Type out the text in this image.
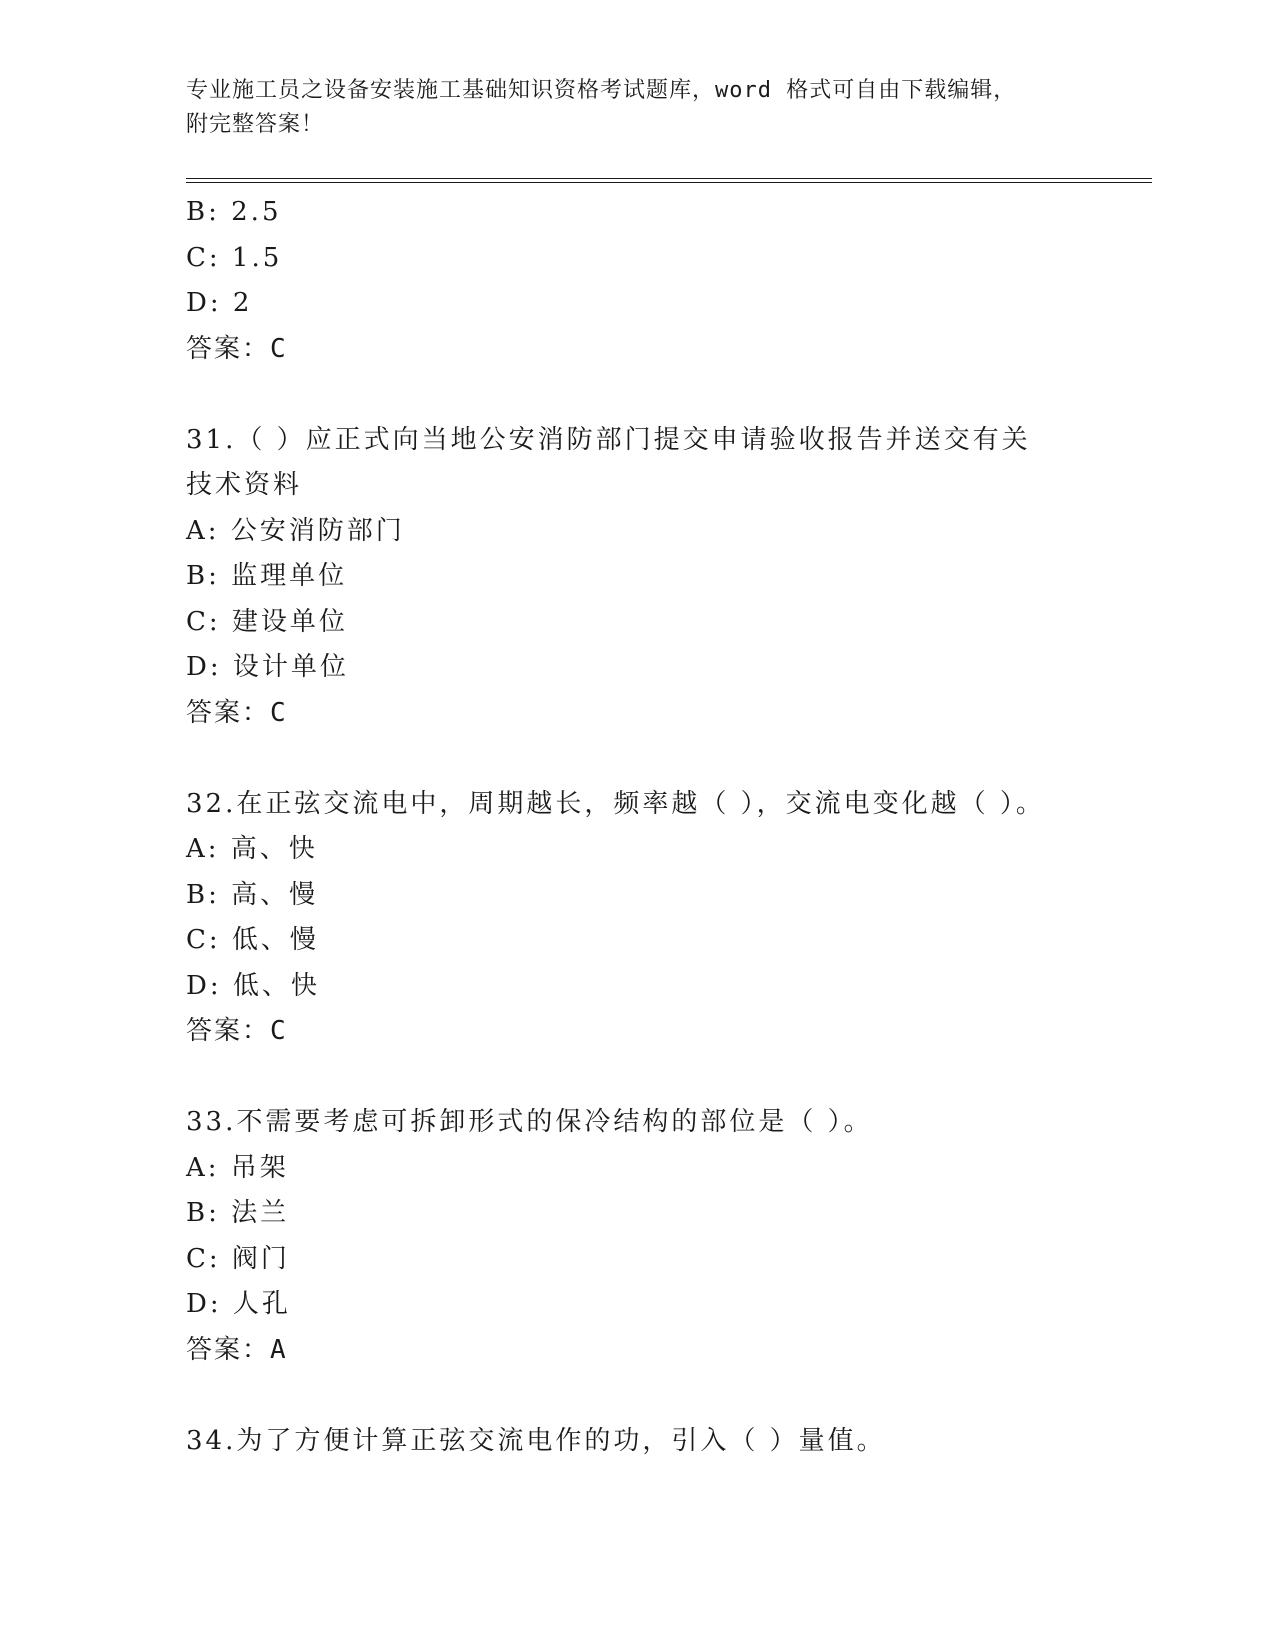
专业施工员之设备安装施工基础知识资格考试题库，word 格式可自由下载编辑，
附完整答案！
B: 2.5
C: 1.5
D: 2
答案：C
31.（ ）应正式向当地公安消防部门提交申请验收报告并送交有关技术资料
A: 公安消防部门
B: 监理单位
C: 建设单位
D: 设计单位
答案：C
32.在正弦交流电中，周期越长，频率越（ ），交流电变化越（ ）。
A: 高、快
B: 高、慢
C: 低、慢
D: 低、快
答案：C
33.不需要考虑可拆卸形式的保冷结构的部位是（ ）。
A: 吊架
B: 法兰
C: 阀门
D: 人孔
答案：A
34.为了方便计算正弦交流电作的功，引入（ ）量值。
